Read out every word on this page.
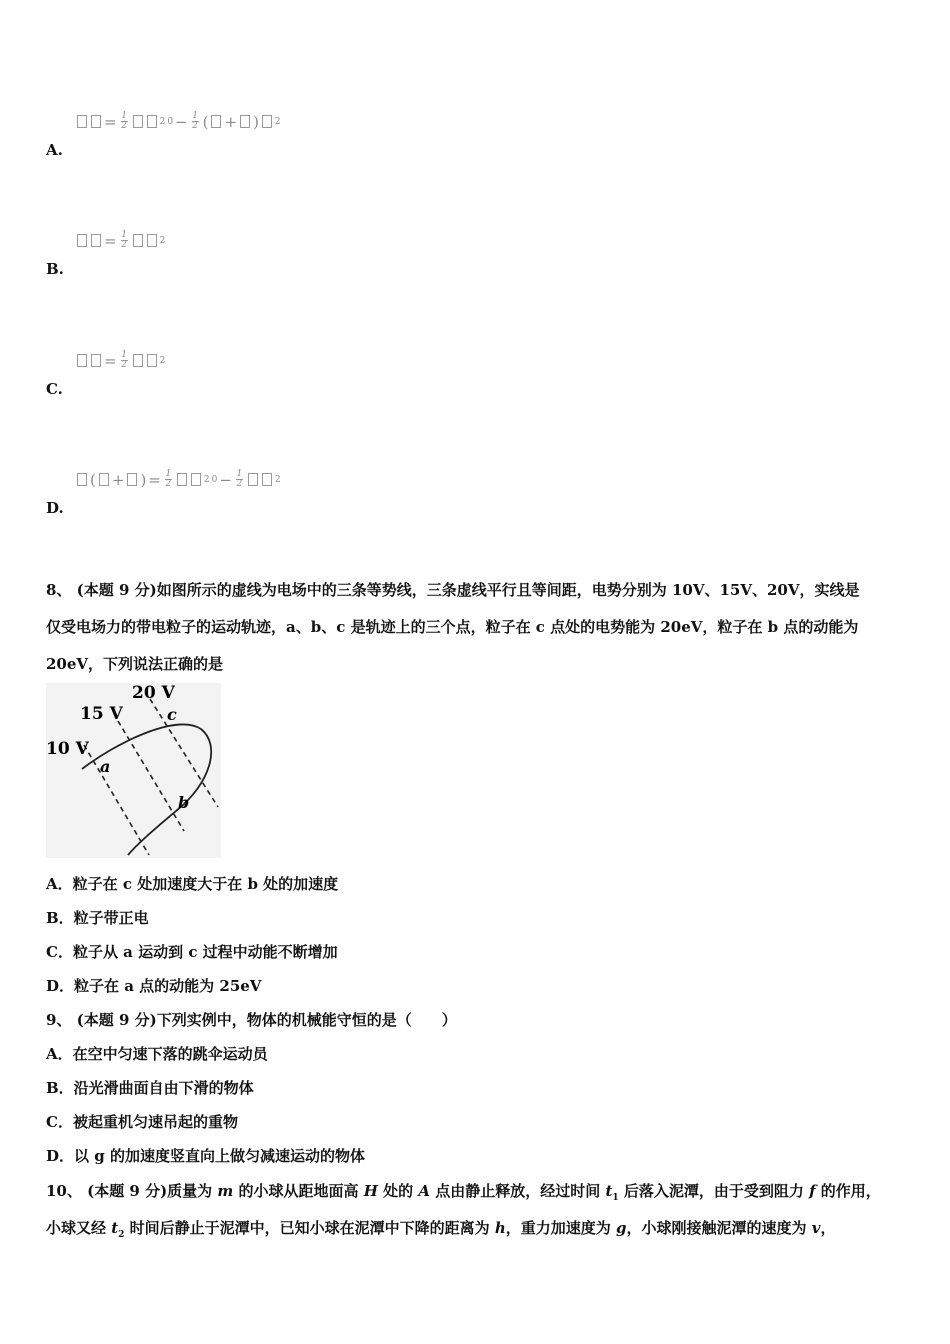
= $\frac{1}{2}$	2 $0 - \frac{1}{2}$ ( + ) 2
A.
= $\frac{1}{2}$	2
B.
= $\frac{1}{2}$	2
C.
( + ) = $\frac{1}{2}$	2 $0 - \frac{1}{2}$	2
D.
8、 (本题 9 分)如图所示的虚线为电场中的三条等势线，三条虚线平行且等间距，电势分别为 10V、15V、20V，实线是
仅受电场力的带电粒子的运动轨迹，a、b、c 是轨迹上的三个点，粒子在 c 点处的电势能为 20eV，粒子在 b 点的动能为
20eV，下列说法正确的是
20 V
15 V
10 V
a
b
c
A．粒子在 c 处加速度大于在 b 处的加速度
B．粒子带正电
C．粒子从 a 运动到 c 过程中动能不断增加
D．粒子在 a 点的动能为 25eV
9、 (本题 9 分)下列实例中，物体的机械能守恒的是（　　）
A．在空中匀速下落的跳伞运动员
B．沿光滑曲面自由下滑的物体
C．被起重机匀速吊起的重物
D．以 g 的加速度竖直向上做匀减速运动的物体
10、 (本题 9 分)质量为 m 的小球从距地面高 H 处的 A 点由静止释放，经过时间 $t_1$ 后落入泥潭，由于受到阻力 f 的作用，
小球又经 $t_2$ 时间后静止于泥潭中，已知小球在泥潭中下降的距离为 h，重力加速度为 g，小球刚接触泥潭的速度为 v，
